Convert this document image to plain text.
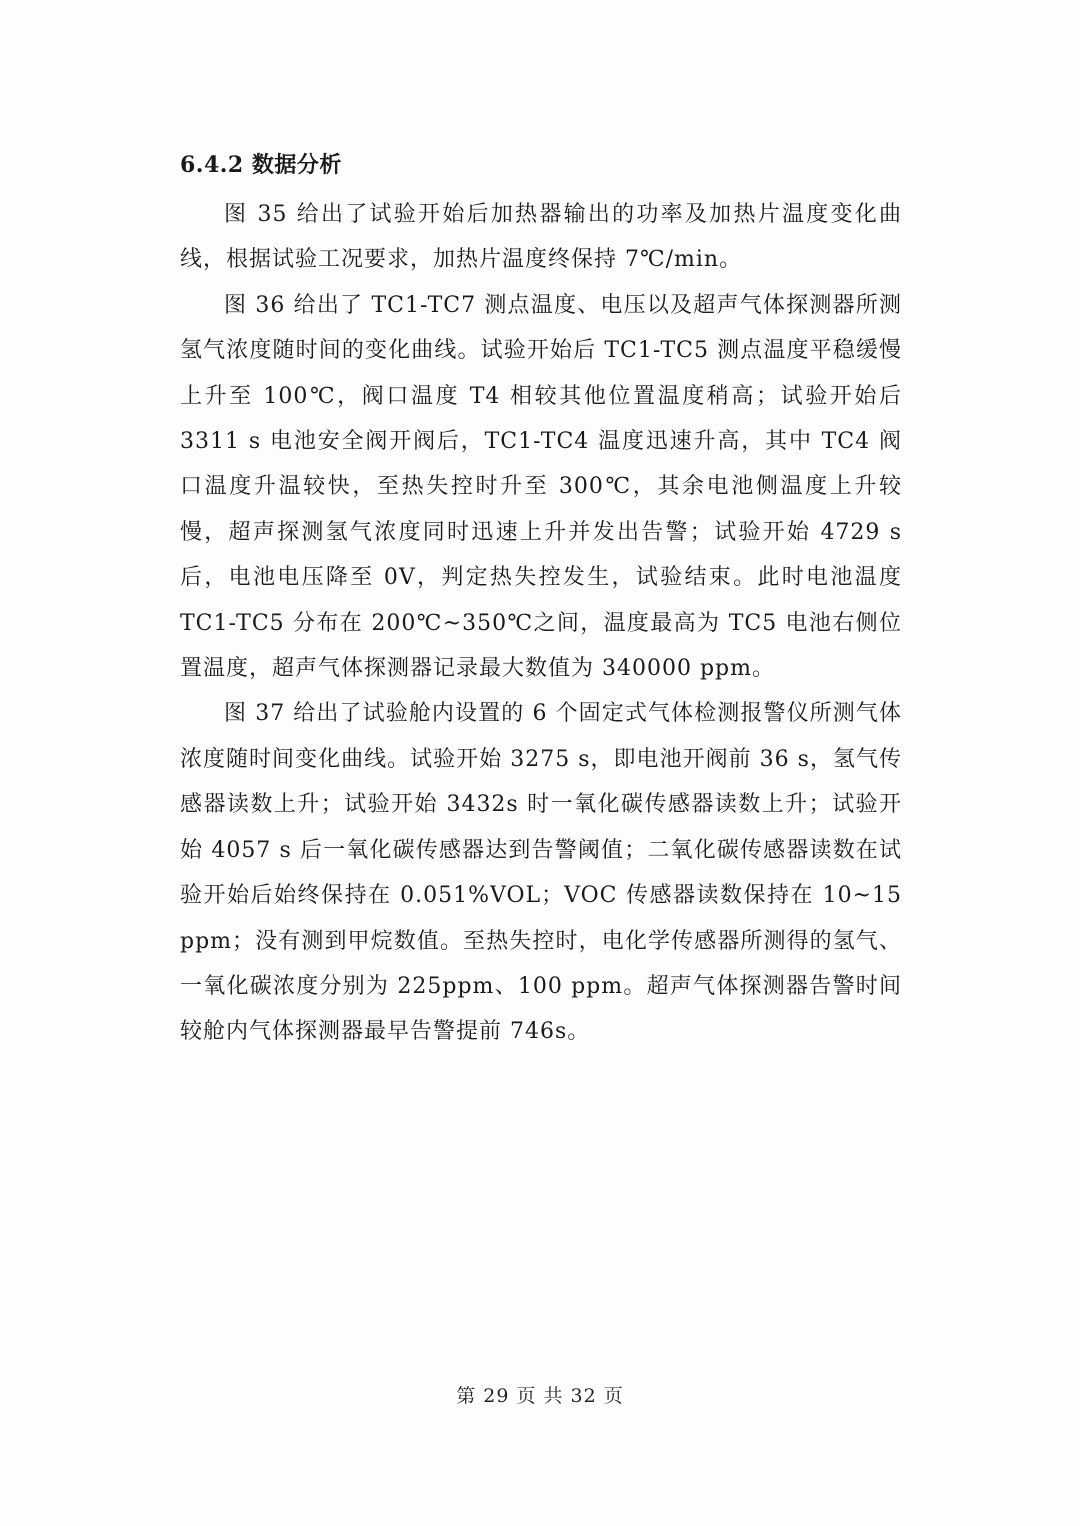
6.4.2 数据分析

图 35 给出了试验开始后加热器输出的功率及加热片温度变化曲线，根据试验工况要求，加热片温度终保持 7℃/min。

图 36 给出了 TC1-TC7 测点温度、电压以及超声气体探测器所测氢气浓度随时间的变化曲线。试验开始后 TC1-TC5 测点温度平稳缓慢上升至 100℃，阀口温度 T4 相较其他位置温度稍高；试验开始后 3311 s 电池安全阀开阀后，TC1-TC4 温度迅速升高，其中 TC4 阀口温度升温较快，至热失控时升至 300℃，其余电池侧温度上升较慢，超声探测氢气浓度同时迅速上升并发出告警；试验开始 4729 s 后，电池电压降至 0V，判定热失控发生，试验结束。此时电池温度 TC1-TC5 分布在 200℃~350℃之间，温度最高为 TC5 电池右侧位置温度，超声气体探测器记录最大数值为 340000 ppm。

图 37 给出了试验舱内设置的 6 个固定式气体检测报警仪所测气体浓度随时间变化曲线。试验开始 3275 s，即电池开阀前 36 s，氢气传感器读数上升；试验开始 3432s 时一氧化碳传感器读数上升；试验开始 4057 s 后一氧化碳传感器达到告警阈值；二氧化碳传感器读数在试验开始后始终保持在 0.051%VOL；VOC 传感器读数保持在 10~15 ppm；没有测到甲烷数值。至热失控时，电化学传感器所测得的氢气、一氧化碳浓度分别为 225ppm、100 ppm。超声气体探测器告警时间较舱内气体探测器最早告警提前 746s。

第 29 页 共 32 页
